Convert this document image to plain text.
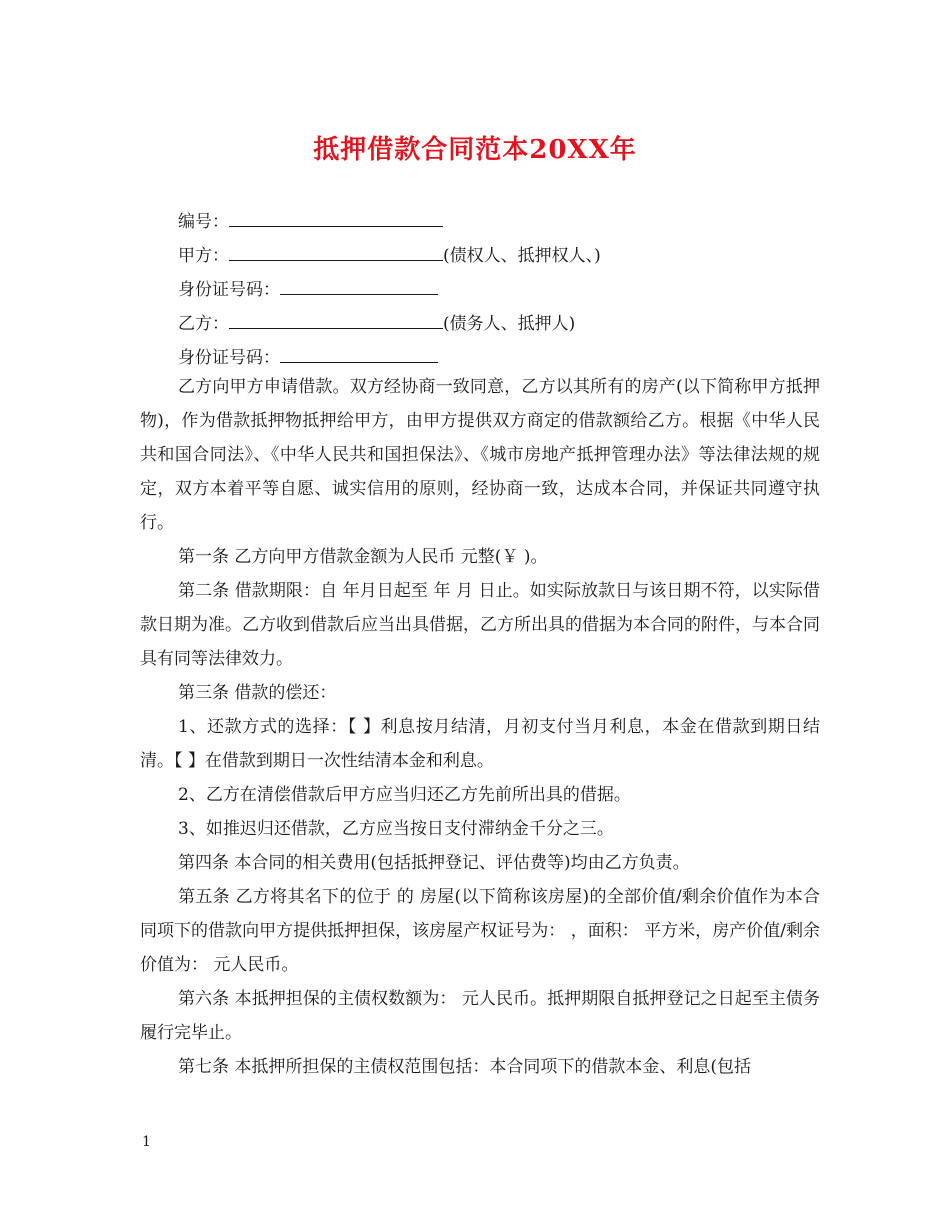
抵押借款合同范本20XX年
编号：
甲方：	(债权人、抵押权人、)
身份证号码：
乙方：	(债务人、抵押人)
身份证号码：

乙方向甲方申请借款。双方经协商一致同意，乙方以其所有的房产(以下简称甲方抵押物)，作为借款抵押物抵押给甲方，由甲方提供双方商定的借款额给乙方。根据《中华人民共和国合同法》、《中华人民共和国担保法》、《城市房地产抵押管理办法》等法律法规的规定，双方本着平等自愿、诚实信用的原则，经协商一致，达成本合同，并保证共同遵守执行。

第一条 乙方向甲方借款金额为人民币 元整(￥ )。

第二条 借款期限：自 年月日起至 年 月 日止。如实际放款日与该日期不符，以实际借款日期为准。乙方收到借款后应当出具借据，乙方所出具的借据为本合同的附件，与本合同具有同等法律效力。

第三条 借款的偿还：

1、还款方式的选择：【 】利息按月结清，月初支付当月利息，本金在借款到期日结清。【 】在借款到期日一次性结清本金和利息。

2、乙方在清偿借款后甲方应当归还乙方先前所出具的借据。

3、如推迟归还借款，乙方应当按日支付滞纳金千分之三。

第四条 本合同的相关费用(包括抵押登记、评估费等)均由乙方负责。

第五条 乙方将其名下的位于 的 房屋(以下简称该房屋)的全部价值/剩余价值作为本合同项下的借款向甲方提供抵押担保，该房屋产权证号为： ，面积： 平方米，房产价值/剩余价值为： 元人民币。

第六条 本抵押担保的主债权数额为： 元人民币。抵押期限自抵押登记之日起至主债务履行完毕止。

第七条 本抵押所担保的主债权范围包括：本合同项下的借款本金、利息(包括

1
